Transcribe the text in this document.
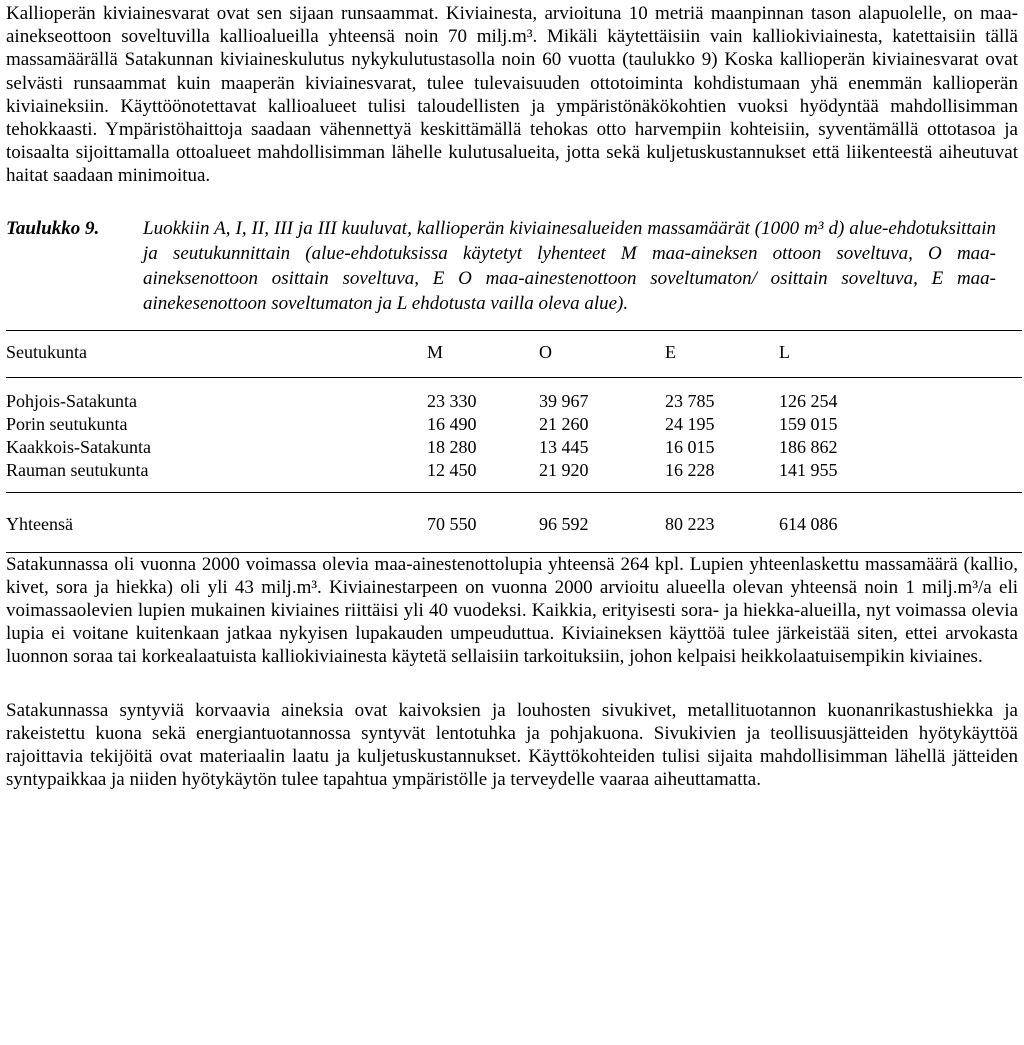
Kallioperän kiviainesvarat ovat sen sijaan runsaammat. Kiviainesta, arvioituna 10 metriä maanpinnan tason alapuolelle, on maa-ainekseottoon soveltuvilla kallioalueilla yhteensä noin 70 milj.m³. Mikäli käytettäisiin vain kalliokiviainesta, katettaisiin tällä massamäärällä Satakunnan kiviaineskulutus nykykulutustasolla noin 60 vuotta (taulukko 9) Koska kallioperän kiviainesvarat ovat selvästi runsaammat kuin maaperän kiviainesvarat, tulee tulevaisuuden ottotoiminta kohdistumaan yhä enemmän kallioperän kiviaineksiin. Käyttöönotettavat kallioalueet tulisi taloudellisten ja ympäristönäkökohtien vuoksi hyödyntää mahdollisimman tehokkaasti. Ympäristöhaittoja saadaan vähennettyä keskittämällä tehokas otto harvempiin kohteisiin, syventämällä ottotasoa ja toisaalta sijoittamalla ottoalueet mahdollisimman lähelle kulutusalueita, jotta sekä kuljetuskustannukset että liikenteestä aiheutuvat haitat saadaan minimoitua.

Taulukko 9.	Luokkiin A, I, II, III ja III kuuluvat, kallioperän kiviainesalueiden massamäärät (1000 m³ d) alue-ehdotuksittain ja seutukunnittain (alue-ehdotuksissa käytetyt lyhenteet M maa-aineksen ottoon soveltuva, O maa-aineksenottoon osittain soveltuva, E O maa-ainestenottoon soveltumaton/ osittain soveltuva, E maa-ainekesenottoon soveltumaton ja L ehdotusta vailla oleva alue).
Seutukunta	M	O	E	L
Pohjois-Satakunta	23 330	39 967	23 785	126 254
Porin seutukunta	16 490	21 260	24 195	159 015
Kaakkois-Satakunta	18 280	13 445	16 015	186 862
Rauman seutukunta	12 450	21 920	16 228	141 955
Yhteensä	70 550	96 592	80 223	614 086

Satakunnassa oli vuonna 2000 voimassa olevia maa-ainestenottolupia yhteensä 264 kpl. Lupien yhteenlaskettu massamäärä (kallio, kivet, sora ja hiekka) oli yli 43 milj.m³. Kiviainestarpeen on vuonna 2000 arvioitu alueella olevan yhteensä noin 1 milj.m³/a eli voimassaolevien lupien mukainen kiviaines riittäisi yli 40 vuodeksi. Kaikkia, erityisesti sora- ja hiekka-alueilla, nyt voimassa olevia lupia ei voitane kuitenkaan jatkaa nykyisen lupakauden umpeuduttua. Kiviaineksen käyttöä tulee järkeistää siten, ettei arvokasta luonnon soraa tai korkealaatuista kalliokiviainesta käytetä sellaisiin tarkoituksiin, johon kelpaisi heikkolaatuisempikin kiviaines.

Satakunnassa syntyviä korvaavia aineksia ovat kaivoksien ja louhosten sivukivet, metallituotannon kuonanrikastushiekka ja rakeistettu kuona sekä energiantuotannossa syntyvät lentotuhka ja pohjakuona. Sivukivien ja teollisuusjätteiden hyötykäyttöä rajoittavia tekijöitä ovat materiaalin laatu ja kuljetuskustannukset. Käyttökohteiden tulisi sijaita mahdollisimman lähellä jätteiden syntypaikkaa ja niiden hyötykäytön tulee tapahtua ympäristölle ja terveydelle vaaraa aiheuttamatta.
